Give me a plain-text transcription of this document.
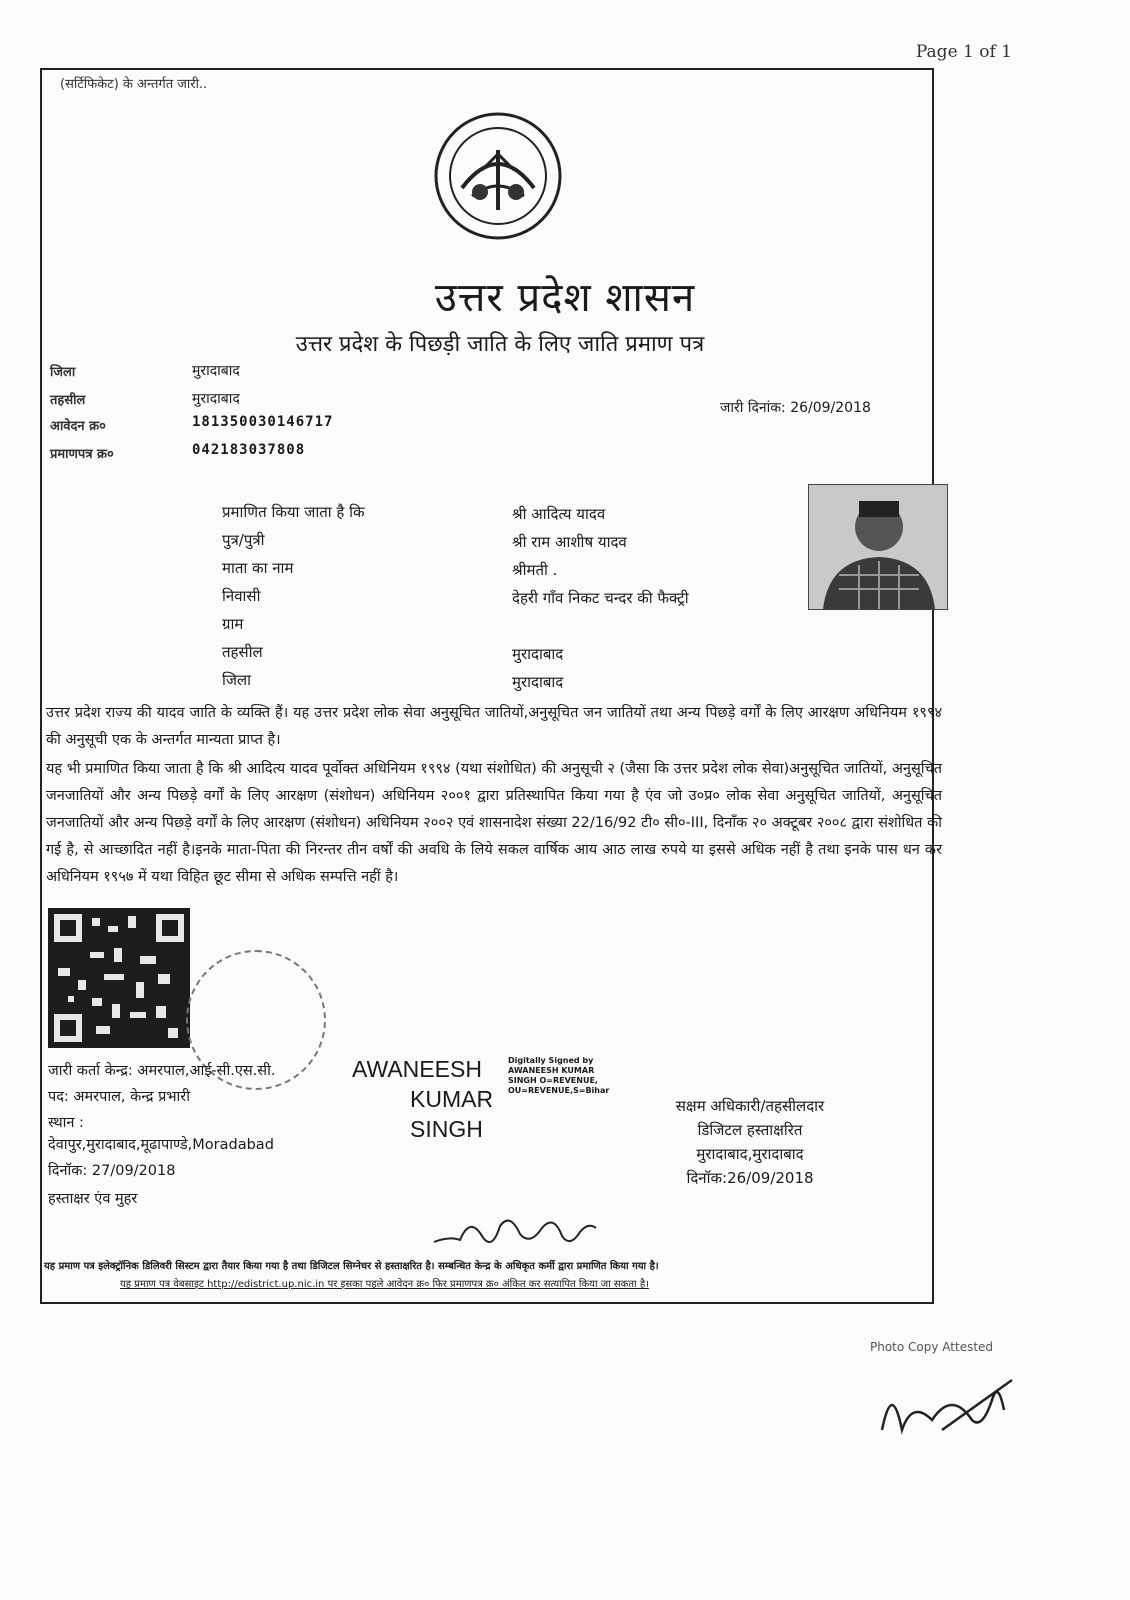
Page 1 of 1
(सर्टिफिकेट) के अन्तर्गत जारी..
उत्तर प्रदेश शासन
उत्तर प्रदेश के पिछड़ी जाति के लिए जाति प्रमाण पत्र
जिला	मुरादाबाद
तहसील	मुरादाबाद
आवेदन क्र०	181350030146717
प्रमाणपत्र क्र०	042183037808
जारी दिनांक: 26/09/2018
प्रमाणित किया जाता है कि	श्री आदित्य यादव
पुत्र/पुत्री	श्री राम आशीष यादव
माता का नाम	श्रीमती .
निवासी	देहरी गाँव निकट चन्दर की फैक्ट्री
ग्राम
तहसील	मुरादाबाद
जिला	मुरादाबाद
उत्तर प्रदेश राज्य की यादव जाति के व्यक्ति हैं। यह उत्तर प्रदेश लोक सेवा अनुसूचित जातियों,अनुसूचित जन जातियों तथा अन्य पिछड़े वर्गों के लिए आरक्षण अधिनियम १९९४ की अनुसूची एक के अन्तर्गत मान्यता प्राप्त है।
यह भी प्रमाणित किया जाता है कि श्री आदित्य यादव पूर्वोक्त अधिनियम १९९४ (यथा संशोधित) की अनुसूची २ (जैसा कि उत्तर प्रदेश लोक सेवा)अनुसूचित जातियों, अनुसूचित जनजातियों और अन्य पिछड़े वर्गों के लिए आरक्षण (संशोधन) अधिनियम २००१ द्वारा प्रतिस्थापित किया गया है एंव जो उ०प्र० लोक सेवा अनुसूचित जातियों, अनुसूचित जनजातियों और अन्य पिछड़े वर्गों के लिए आरक्षण (संशोधन) अधिनियम २००२ एवं शासनादेश संख्या 22/16/92 टी० सी०-III, दिनाँक २० अक्टूबर २००८ द्वारा संशोधित की गई है, से आच्छादित नहीं है।इनके माता-पिता की निरन्तर तीन वर्षों की अवधि के लिये सकल वार्षिक आय आठ लाख रुपये या इससे अधिक नहीं है तथा इनके पास धन कर अधिनियम १९५७ में यथा विहित छूट सीमा से अधिक सम्पत्ति नहीं है।
जारी कर्ता केन्द्र: अमरपाल,आई-सी.एस.सी.
पद: अमरपाल, केन्द्र प्रभारी
स्थान :
देवापुर,मुरादाबाद,मूढापाण्डे,Moradabad
दिनॉक: 27/09/2018
हस्ताक्षर एंव मुहर
AWANEESH
KUMAR
SINGH
Digitally Signed by
AWANEESH KUMAR
SINGH O=REVENUE,
OU=REVENUE,S=Bihar
सक्षम अधिकारी/तहसीलदार
डिजिटल हस्ताक्षरित
मुरादाबाद,मुरादाबाद
दिनॉक:26/09/2018
यह प्रमाण पत्र इलेक्ट्रॉनिक डिलिवरी सिस्टम द्वारा तैयार किया गया है तथा डिजिटल सिग्नेचर से हस्ताक्षरित है। सम्बन्धित केन्द्र के अधिकृत कर्मी द्वारा प्रमाणित किया गया है।
यह प्रमाण पत्र वेबसाइट http://edistrict.up.nic.in पर इसका पहले आवेदन क्र० फिर प्रमाणपत्र क्र० अंकित कर सत्यापित किया जा सकता है।
Photo Copy Attested
